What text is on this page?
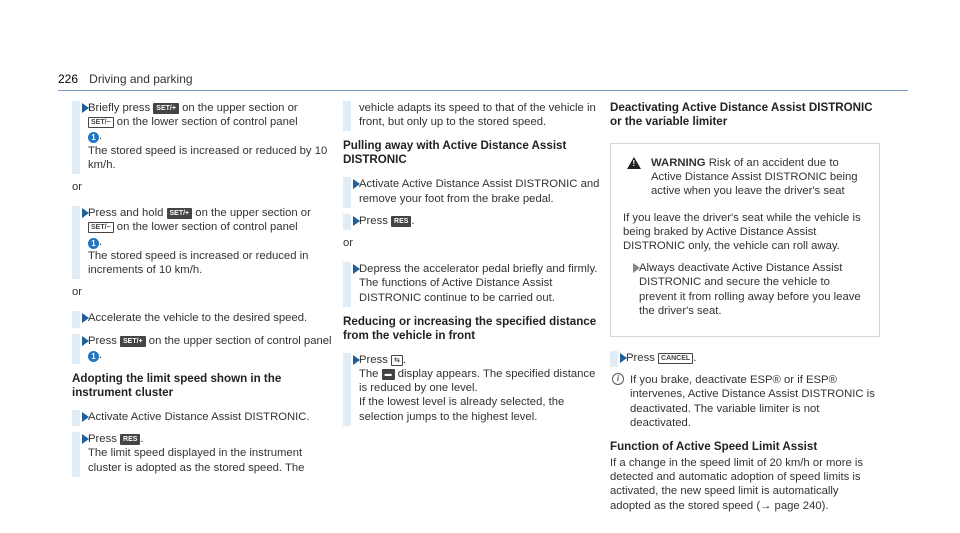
226 Driving and parking
Briefly press SET/+ on the upper section or
SET/− on the lower section of control panel
1 .
The stored speed is increased or reduced by 10 km/h.
or
Press and hold SET/+ on the upper section or
SET/− on the lower section of control panel
1 .
The stored speed is increased or reduced in increments of 10 km/h.
or
Accelerate the vehicle to the desired speed.
Press SET/+ on the upper section of control panel 1 .
Adopting the limit speed shown in the instrument cluster
Activate Active Distance Assist DISTRONIC.
Press RES .
The limit speed displayed in the instrument cluster is adopted as the stored speed. The
vehicle adapts its speed to that of the vehicle in front, but only up to the stored speed.
Pulling away with Active Distance Assist DISTRONIC
Activate Active Distance Assist DISTRONIC and remove your foot from the brake pedal.
Press RES .
or
Depress the accelerator pedal briefly and firmly.
The functions of Active Distance Assist DISTRONIC continue to be carried out.
Reducing or increasing the specified distance from the vehicle in front
Press ⇆ .
The ▬ display appears. The specified distance is reduced by one level.
If the lowest level is already selected, the selection jumps to the highest level.
Deactivating Active Distance Assist DISTRONIC or the variable limiter
! WARNING Risk of an accident due to Active Distance Assist DISTRONIC being active when you leave the driver's seat

If you leave the driver's seat while the vehicle is being braked by Active Distance Assist DISTRONIC only, the vehicle can roll away.

Always deactivate Active Distance Assist DISTRONIC and secure the vehicle to prevent it from rolling away before you leave the driver's seat.
Press CANCEL .
i If you brake, deactivate ESP® or if ESP® intervenes, Active Distance Assist DISTRONIC is deactivated. The variable limiter is not deactivated.
Function of Active Speed Limit Assist

If a change in the speed limit of 20 km/h or more is detected and automatic adoption of speed limits is activated, the new speed limit is automatically adopted as the stored speed (→ page 240).
